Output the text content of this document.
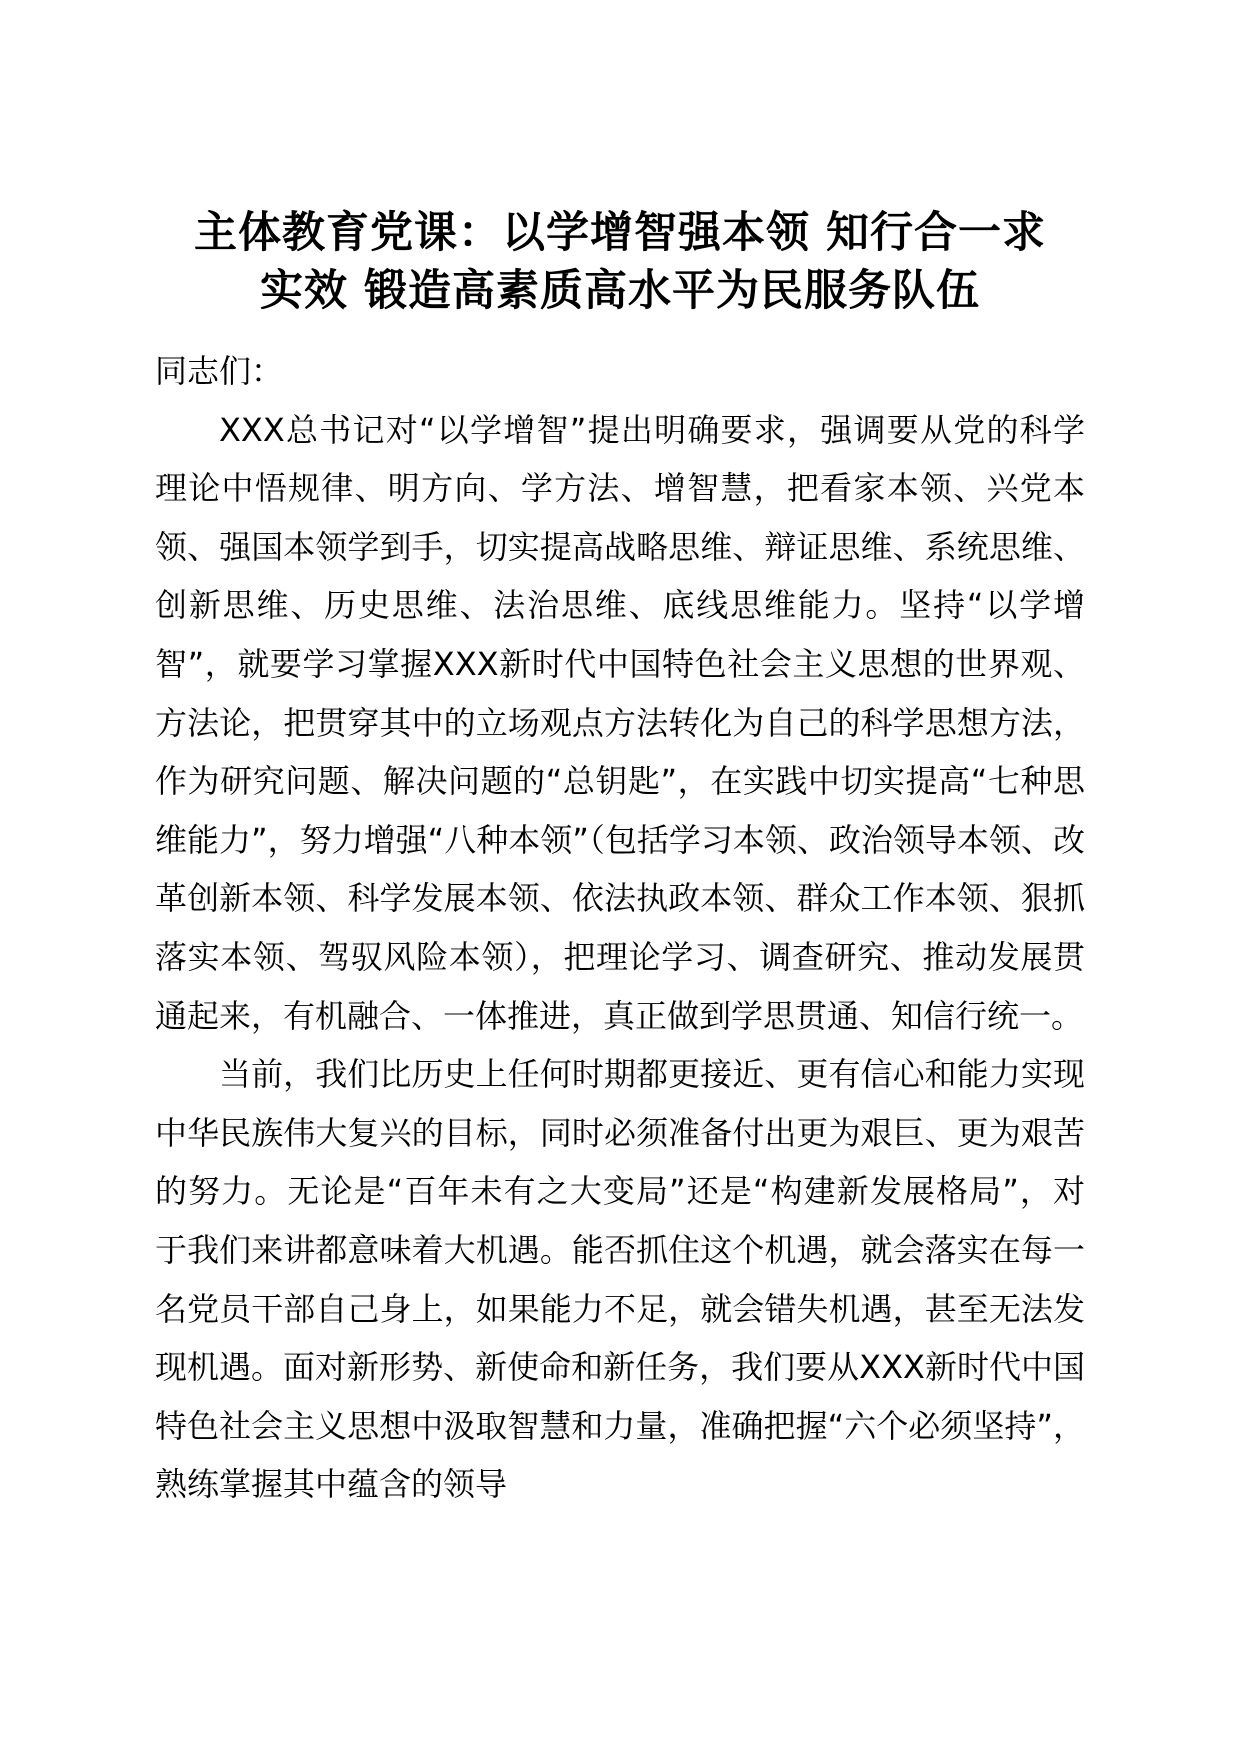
主体教育党课：以学增智强本领 知行合一求
实效 锻造高素质高水平为民服务队伍

同志们：

XXX总书记对“以学增智”提出明确要求，强调要从党的科学理论中悟规律、明方向、学方法、增智慧，把看家本领、兴党本领、强国本领学到手，切实提高战略思维、辩证思维、系统思维、创新思维、历史思维、法治思维、底线思维能力。坚持“以学增智”，就要学习掌握XXX新时代中国特色社会主义思想的世界观、方法论，把贯穿其中的立场观点方法转化为自己的科学思想方法，作为研究问题、解决问题的“总钥匙”，在实践中切实提高“七种思维能力”，努力增强“八种本领”（包括学习本领、政治领导本领、改革创新本领、科学发展本领、依法执政本领、群众工作本领、狠抓落实本领、驾驭风险本领），把理论学习、调查研究、推动发展贯通起来，有机融合、一体推进，真正做到学思贯通、知信行统一。

当前，我们比历史上任何时期都更接近、更有信心和能力实现中华民族伟大复兴的目标，同时必须准备付出更为艰巨、更为艰苦的努力。无论是“百年未有之大变局”还是“构建新发展格局”，对于我们来讲都意味着大机遇。能否抓住这个机遇，就会落实在每一名党员干部自己身上，如果能力不足，就会错失机遇，甚至无法发现机遇。面对新形势、新使命和新任务，我们要从XXX新时代中国特色社会主义思想中汲取智慧和力量，准确把握“六个必须坚持”，熟练掌握其中蕴含的领导
